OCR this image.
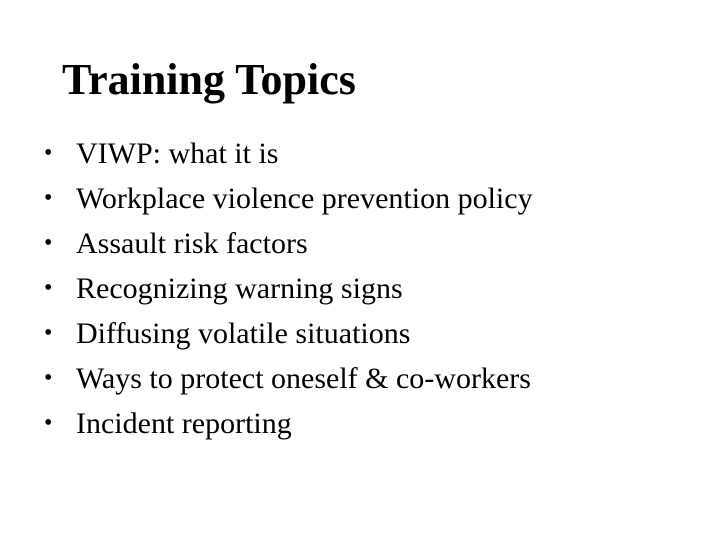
Training Topics
• VIWP: what it is
• Workplace violence prevention policy
• Assault risk factors
• Recognizing warning signs
• Diffusing volatile situations
• Ways to protect oneself & co-workers
• Incident reporting
